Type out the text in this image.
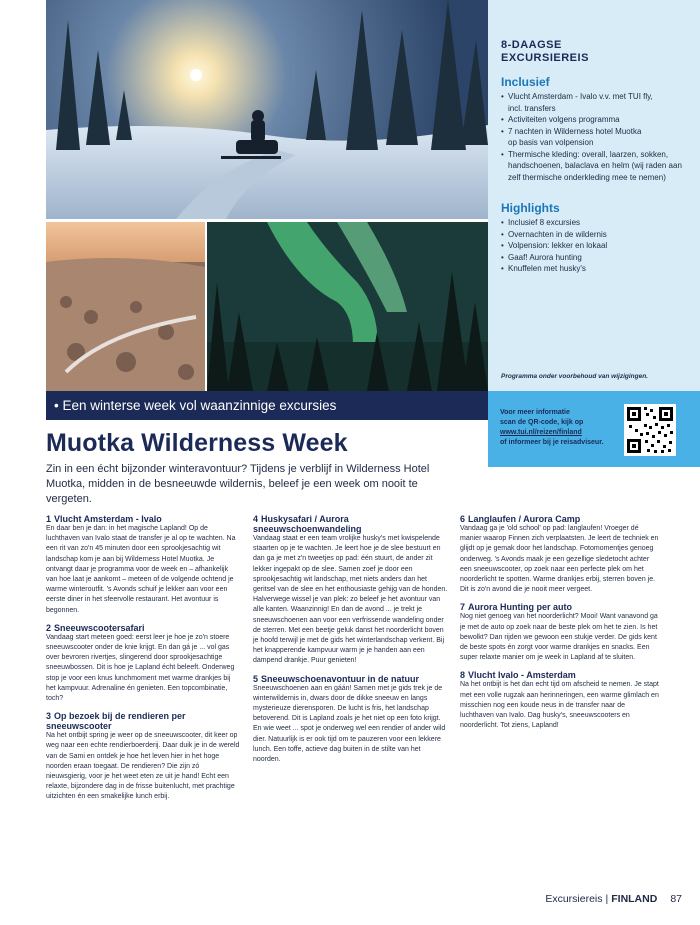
8-DAAGSE
EXCURSIEREIS
Inclusief
• Vlucht Amsterdam - Ivalo v.v. met TUI fly,
incl. transfers
• Activiteiten volgens programma
• 7 nachten in Wilderness hotel Muotka
op basis van volpension
• Thermische kleding: overall, laarzen, sokken,
handschoenen, balaclava en helm (wij raden aan
zelf thermische onderkleding mee te nemen)
Highlights
• Inclusief 8 excursies
• Overnachten in de wildernis
• Volpension: lekker en lokaal
• Gaaf! Aurora hunting
• Knuffelen met husky's
Programma onder voorbehoud van wijzigingen.
• Een winterse week vol waanzinnige excursies	Voor meer informatie
scan de QR-code, kijk op
www.tui.nl/reizen/finland
of informeer bij je reisadviseur.
Muotka Wilderness Week

Zin in een écht bijzonder winteravontuur? Tijdens je verblijf in Wilderness Hotel Muotka, midden in de besneeuwde wildernis, beleef je een week om nooit te vergeten.

1 Vlucht Amsterdam - Ivalo
En daar ben je dan: in het magische Lapland! Op de luchthaven van Ivalo staat de transfer je al op te wachten. Na een rit van zo'n 45 minuten door een sprookjesachtig wit landschap kom je aan bij Wilderness Hotel Muotka. Je ontvangt daar je programma voor de week en – afhankelijk van hoe laat je aankomt – meteen of de volgende ochtend je warme winteroutfit. 's Avonds schuif je lekker aan voor een eerste diner in het sfeervolle restaurant. Het avontuur is begonnen.
2 Sneeuwscootersafari
Vandaag start meteen goed: eerst leer je hoe je zo'n stoere sneeuwscooter onder de knie krijgt. En dan gá je ... vol gas over bevroren rivertjes, slingerend door sprookjesachtige sneeuwbossen. Dit is hoe je Lapland écht beleeft. Onderweg stop je voor een knus lunchmoment met warme drankjes bij het kampvuur. Adrenaline én genieten. Een topcombinatie, toch?
3 Op bezoek bij de rendieren per sneeuwscooter
Na het ontbijt spring je weer op de sneeuwscooter, dit keer op weg naar een echte rendierboerderij. Daar duik je in de wereld van de Sami en ontdek je hoe het leven hier in het hoge noorden eraan toegaat. De rendieren? Die zijn zó nieuwsgierig, voor je het weet eten ze uit je hand! Echt een relaxte, bijzondere dag in de frisse buitenlucht, met prachtige uitzichten én een smakelijke lunch erbij.
4 Huskysafari / Aurora sneeuwschoenwandeling
Vandaag staat er een team vrolijke husky's met kwispelende staarten op je te wachten. Je leert hoe je de slee bestuurt en dan ga je met z'n tweetjes op pad: één stuurt, de ander zit lekker ingepakt op de slee. Samen zoef je door een sprookjesachtig wit landschap, met niets anders dan het geritsel van de slee en het enthousiaste gehijg van de honden. Halverwege wissel je van plek: zo beleef je het avontuur van alle kanten. Waanzinnig! En dan de avond ... je trekt je sneeuwschoenen aan voor een verfrissende wandeling onder de sterren. Met een beetje geluk danst het noorderlicht boven je hoofd terwijl je met de gids het winterlandschap verkent. Bij het knapperende kampvuur warm je je handen aan een dampend drankje. Puur genieten!
5 Sneeuwschoenavontuur in de natuur
Sneeuwschoenen aan en gáán! Samen met je gids trek je de winterwildernis in, dwars door de dikke sneeuw en langs mysterieuze dierensporen. De lucht is fris, het landschap betoverend. Dit is Lapland zoals je het niet op een foto krijgt. En wie weet ... spot je onderweg wel een rendier of ander wild dier. Natuurlijk is er ook tijd om te pauzeren voor een lekkere lunch. Een toffe, actieve dag buiten in de stilte van het noorden.
6 Langlaufen / Aurora Camp
Vandaag ga je 'old school' op pad: langlaufen! Vroeger dé manier waarop Finnen zich verplaatsten. Je leert de techniek en glijdt op je gemak door het landschap. Fotomomentjes genoeg onderweg. 's Avonds maak je een gezellige sledetocht achter een sneeuwscooter, op zoek naar een perfecte plek om het noorderlicht te spotten. Warme drankjes erbij, sterren boven je. Dit is zo'n avond die je nooit meer vergeet.
7 Aurora Hunting per auto
Nog niet genoeg van het noorderlicht? Mooi! Want vanavond ga je met de auto op zoek naar de beste plek om het te zien. Is het bewolkt? Dan rijden we gewoon een stukje verder. De gids kent de beste spots én zorgt voor warme drankjes en snacks. Een super relaxte manier om je week in Lapland af te sluiten.
8 Vlucht Ivalo - Amsterdam
Na het ontbijt is het dan echt tijd om afscheid te nemen. Je stapt met een volle rugzak aan herinneringen, een warme glimlach en misschien nog een koude neus in de transfer naar de luchthaven van Ivalo. Dag husky's, sneeuwscooters en noorderlicht. Tot ziens, Lapland!
Excursiereis | FINLAND 87
